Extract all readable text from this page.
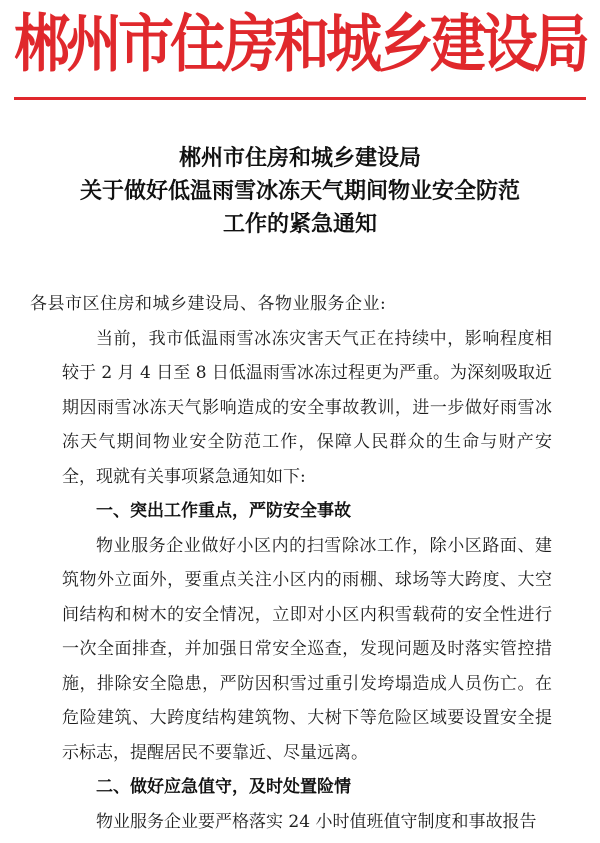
郴州市住房和城乡建设局
郴州市住房和城乡建设局
关于做好低温雨雪冰冻天气期间物业安全防范
工作的紧急通知

各县市区住房和城乡建设局、各物业服务企业:

当前，我市低温雨雪冰冻灾害天气正在持续中，影响程度相较于 2 月 4 日至 8 日低温雨雪冰冻过程更为严重。为深刻吸取近期因雨雪冰冻天气影响造成的安全事故教训，进一步做好雨雪冰冻天气期间物业安全防范工作，保障人民群众的生命与财产安全，现就有关事项紧急通知如下:

一、突出工作重点，严防安全事故

物业服务企业做好小区内的扫雪除冰工作，除小区路面、建筑物外立面外，要重点关注小区内的雨棚、球场等大跨度、大空间结构和树木的安全情况，立即对小区内积雪载荷的安全性进行一次全面排查，并加强日常安全巡查，发现问题及时落实管控措施，排除安全隐患，严防因积雪过重引发垮塌造成人员伤亡。在危险建筑、大跨度结构建筑物、大树下等危险区域要设置安全提示标志，提醒居民不要靠近、尽量远离。

二、做好应急值守，及时处置险情

物业服务企业要严格落实 24 小时值班值守制度和事故报告
